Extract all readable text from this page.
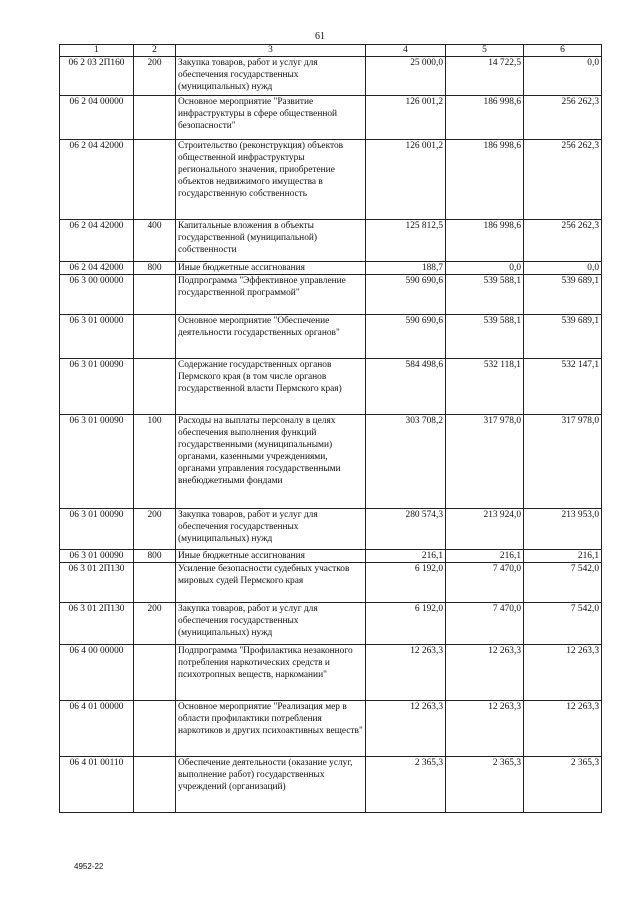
61
1	2	3	4	5	6
06 2 03 2П160	200	Закупка товаров, работ и услуг для обеспечения государственных (муниципальных) нужд	25 000,0	14 722,5	0,0
06 2 04 00000		Основное мероприятие "Развитие инфраструктуры в сфере общественной безопасности"	126 001,2	186 998,6	256 262,3
06 2 04 42000		Строительство (реконструкция) объектов общественной инфраструктуры регионального значения, приобретение объектов недвижимого имущества в государственную собственность	126 001,2	186 998,6	256 262,3
06 2 04 42000	400	Капитальные вложения в объекты государственной (муниципальной) собственности	125 812,5	186 998,6	256 262,3
06 2 04 42000	800	Иные бюджетные ассигнования	188,7	0,0	0,0
06 3 00 00000		Подпрограмма "Эффективное управление государственной программой"	590 690,6	539 588,1	539 689,1
06 3 01 00000		Основное мероприятие "Обеспечение деятельности государственных органов"	590 690,6	539 588,1	539 689,1
06 3 01 00090		Содержание государственных органов Пермского края (в том числе органов государственной власти Пермского края)	584 498,6	532 118,1	532 147,1
06 3 01 00090	100	Расходы на выплаты персоналу в целях обеспечения выполнения функций государственными (муниципальными) органами, казенными учреждениями, органами управления государственными внебюджетными фондами	303 708,2	317 978,0	317 978,0
06 3 01 00090	200	Закупка товаров, работ и услуг для обеспечения государственных (муниципальных) нужд	280 574,3	213 924,0	213 953,0
06 3 01 00090	800	Иные бюджетные ассигнования	216,1	216,1	216,1
06 3 01 2П130		Усиление безопасности судебных участков мировых судей Пермского края	6 192,0	7 470,0	7 542,0
06 3 01 2П130	200	Закупка товаров, работ и услуг для обеспечения государственных (муниципальных) нужд	6 192,0	7 470,0	7 542,0
06 4 00 00000		Подпрограмма "Профилактика незаконного потребления наркотических средств и психотропных веществ, наркомании"	12 263,3	12 263,3	12 263,3
06 4 01 00000		Основное мероприятие "Реализация мер в области профилактики потребления наркотиков и других психоактивных веществ"	12 263,3	12 263,3	12 263,3
06 4 01 00110		Обеспечение деятельности (оказание услуг, выполнение работ) государственных учреждений (организаций)	2 365,3	2 365,3	2 365,3
4952-22
